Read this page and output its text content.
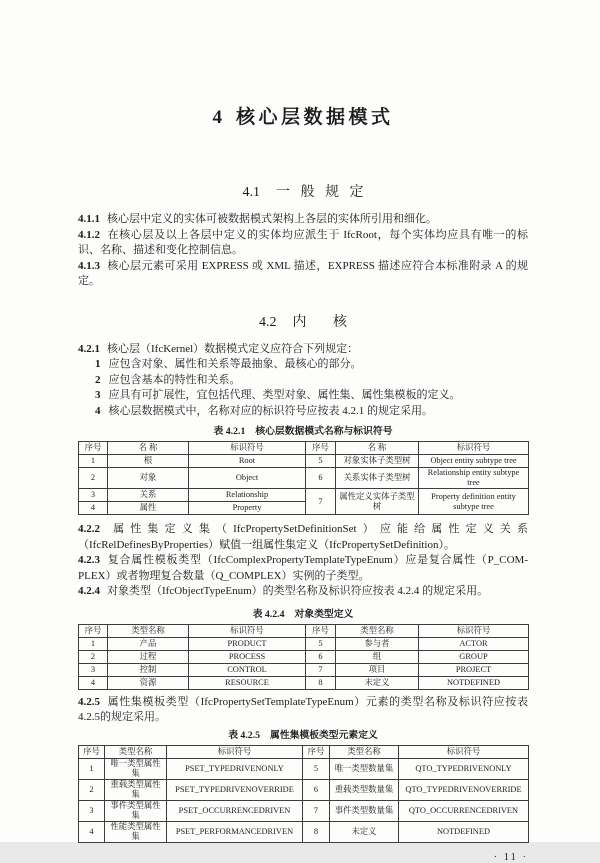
4 核心层数据模式
4.1 一般规定

4.1.1 核心层中定义的实体可被数据模式架构上各层的实体所引用和细化。

4.1.2 在核心层及以上各层中定义的实体均应派生于 IfcRoot，每个实体均应具有唯一的标识、名称、描述和变化控制信息。

4.1.3 核心层元素可采用 EXPRESS 或 XML 描述，EXPRESS 描述应符合本标准附录 A 的规定。

4.2 内核

4.2.1 核心层（IfcKernel）数据模式定义应符合下列规定：

1 应包含对象、属性和关系等最抽象、最核心的部分。

2 应包含基本的特性和关系。

3 应具有可扩展性，宜包括代理、类型对象、属性集、属性集模板的定义。

4 核心层数据模式中，名称对应的标识符号应按表 4.2.1 的规定采用。

表 4.2.1 核心层数据模式名称与标识符号
序号	名 称	标识符号	序号	名 称	标识符号
1	根	Root	5	对象实体子类型树	Object entity subtype tree
2	对象	Object	6	关系实体子类型树	Relationship entity subtype tree
3	关系	Relationship	7	属性定义实体子类型树	Property definition entity subtype tree
4	属性	Property			

4.2.2 属性集定义集（IfcPropertySetDefinitionSet）应能给属性定义关系（IfcRelDefinesByProperties）赋值一组属性集定义（IfcPropertySetDefinition）。

4.2.3 复合属性模板类型（IfcComplexPropertyTemplateTypeEnum）应是复合属性（P_COMPLEX）或者物理复合数量（Q_COMPLEX）实例的子类型。

4.2.4 对象类型（IfcObjectTypeEnum）的类型名称及标识符应按表 4.2.4 的规定采用。

表 4.2.4 对象类型定义
序号	类型名称	标识符号	序号	类型名称	标识符号
1	产品	PRODUCT	5	参与者	ACTOR
2	过程	PROCESS	6	组	GROUP
3	控制	CONTROL	7	项目	PROJECT
4	资源	RESOURCE	8	未定义	NOTDEFINED

4.2.5 属性集模板类型（IfcPropertySetTemplateTypeEnum）元素的类型名称及标识符应按表 4.2.5的规定采用。

表 4.2.5 属性集模板类型元素定义
序号	类型名称	标识符号	序号	类型名称	标识符号
1	唯一类型属性集	PSET_TYPEDRIVENONLY	5	唯一类型数量集	QTO_TYPEDRIVENONLY
2	重载类型属性集	PSET_TYPEDRIVENOVERRIDE	6	重载类型数量集	QTO_TYPEDRIVENOVERRIDE
3	事件类型属性集	PSET_OCCURRENCEDRIVEN	7	事件类型数量集	QTO_OCCURRENCEDRIVEN
4	性能类型属性集	PSET_PERFORMANCEDRIVEN	8	未定义	NOTDEFINED
· 11 ·
